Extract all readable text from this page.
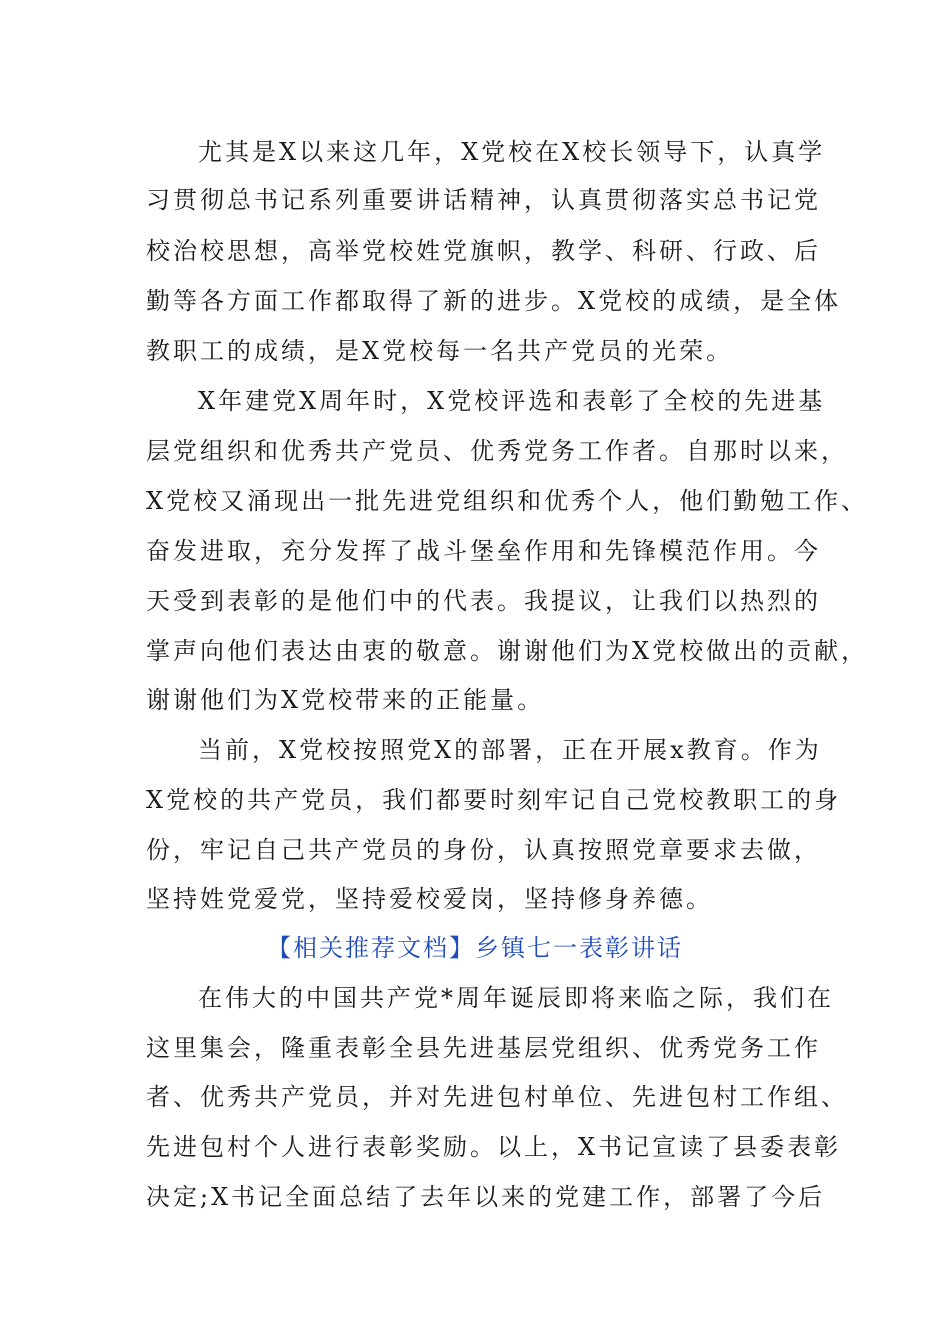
尤其是X以来这几年，X党校在X校长领导下，认真学
习贯彻总书记系列重要讲话精神，认真贯彻落实总书记党
校治校思想，高举党校姓党旗帜，教学、科研、行政、后
勤等各方面工作都取得了新的进步。X党校的成绩，是全体
教职工的成绩，是X党校每一名共产党员的光荣。
X年建党X周年时，X党校评选和表彰了全校的先进基
层党组织和优秀共产党员、优秀党务工作者。自那时以来，
X党校又涌现出一批先进党组织和优秀个人，他们勤勉工作、
奋发进取，充分发挥了战斗堡垒作用和先锋模范作用。今
天受到表彰的是他们中的代表。我提议，让我们以热烈的
掌声向他们表达由衷的敬意。谢谢他们为X党校做出的贡献，
谢谢他们为X党校带来的正能量。
当前，X党校按照党X的部署，正在开展x教育。作为
X党校的共产党员，我们都要时刻牢记自己党校教职工的身
份，牢记自己共产党员的身份，认真按照党章要求去做，
坚持姓党爱党，坚持爱校爱岗，坚持修身养德。
【相关推荐文档】乡镇七一表彰讲话
在伟大的中国共产党*周年诞辰即将来临之际，我们在
这里集会，隆重表彰全县先进基层党组织、优秀党务工作
者、优秀共产党员，并对先进包村单位、先进包村工作组、
先进包村个人进行表彰奖励。以上，X书记宣读了县委表彰
决定;X书记全面总结了去年以来的党建工作，部署了今后
